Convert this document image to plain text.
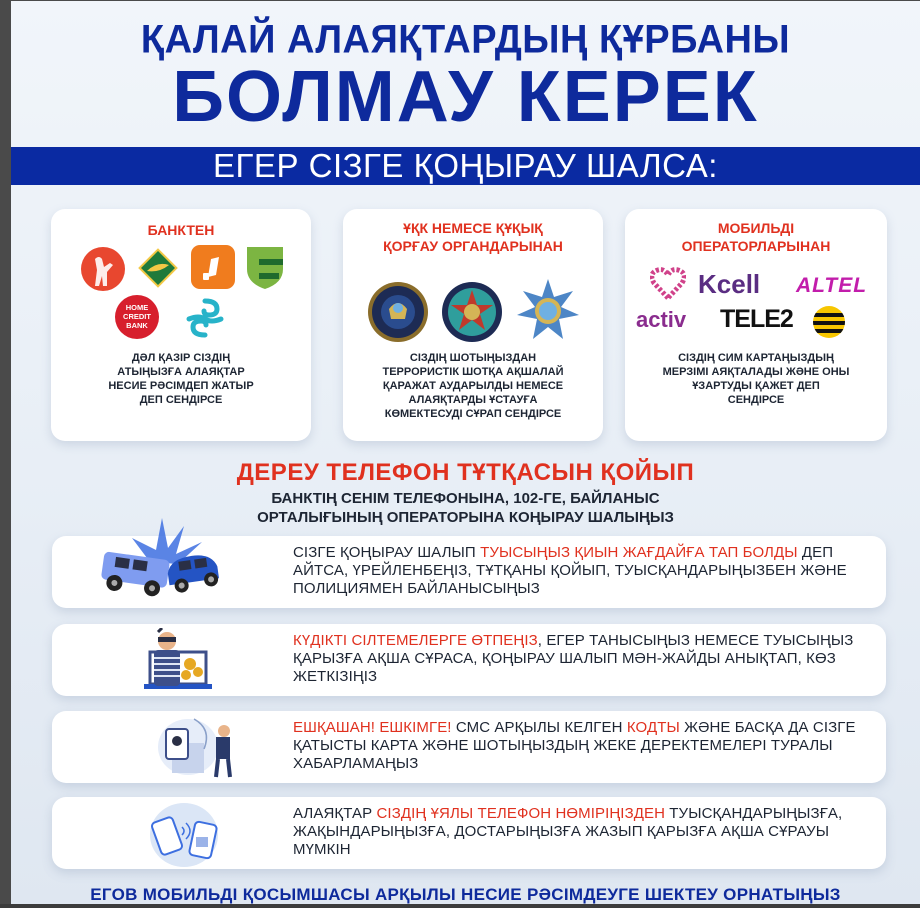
ҚАЛАЙ АЛАЯҚТАРДЫҢ ҚҰРБАНЫ
БОЛМАУ КЕРЕК
ЕГЕР СІЗГЕ ҚОҢЫРАУ ШАЛСА:
БАНКТЕН
HOME
CREDIT
BANK
ДӘЛ ҚАЗІР СІЗДІҢ
АТЫҢЫЗҒА АЛАЯҚТАР
НЕСИЕ РӘСІМДЕП ЖАТЫР
ДЕП СЕНДІРСЕ
ҰҚК НЕМЕСЕ ҚҰҚЫҚ
ҚОРҒАУ ОРГАНДАРЫНАН
СІЗДІҢ ШОТЫҢЫЗДАН
ТЕРРОРИСТІК ШОТҚА АҚШАЛАЙ
ҚАРАЖАТ АУДАРЫЛДЫ НЕМЕСЕ
АЛАЯҚТАРДЫ ҰСТАУҒА
КӨМЕКТЕСУДІ СҰРАП СЕНДІРСЕ
МОБИЛЬДІ
ОПЕРАТОРЛАРЫНАН
Kcell ALTEL
activ TELE2
СІЗДІҢ СИМ КАРТАҢЫЗДЫҢ
МЕРЗІМІ АЯҚТАЛАДЫ ЖӘНЕ ОНЫ
ҰЗАРТУДЫ ҚАЖЕТ ДЕП
СЕНДІРСЕ
ДЕРЕУ ТЕЛЕФОН ТҰТҚАСЫН ҚОЙЫП
БАНКТІҢ СЕНІМ ТЕЛЕФОНЫНА, 102-ГЕ, БАЙЛАНЫС
ОРТАЛЫҒЫНЫҢ ОПЕРАТОРЫНА КОҢЫРАУ ШАЛЫҢЫЗ
СІЗГЕ ҚОҢЫРАУ ШАЛЫП ТУЫСЫҢЫЗ ҚИЫН ЖАҒДАЙҒА ТАП БОЛДЫ ДЕП АЙТСА, ҮРЕЙЛЕНБЕҢІЗ, ТҰТҚАНЫ ҚОЙЫП, ТУЫСҚАНДАРЫҢЫЗБЕН ЖӘНЕ ПОЛИЦИЯМЕН БАЙЛАНЫСЫҢЫЗ
КҮДІКТІ СІЛТЕМЕЛЕРГЕ ӨТПЕҢІЗ, ЕГЕР ТАНЫСЫҢЫЗ НЕМЕСЕ ТУЫСЫҢЫЗ ҚАРЫЗҒА АҚША СҰРАСА, ҚОҢЫРАУ ШАЛЫП МӘН-ЖАЙДЫ АНЫҚТАП, КӨЗ ЖЕТКІЗІҢІЗ
ЕШҚАШАН! ЕШКІМГЕ! СМС АРҚЫЛЫ КЕЛГЕН КОДТЫ ЖӘНЕ БАСҚА ДА СІЗГЕ ҚАТЫСТЫ КАРТА ЖӘНЕ ШОТЫҢЫЗДЫҢ ЖЕКЕ ДЕРЕКТЕМЕЛЕРІ ТУРАЛЫ ХАБАРЛАМАҢЫЗ
АЛАЯҚТАР СІЗДІҢ ҰЯЛЫ ТЕЛЕФОН НӨМІРІҢІЗДЕН ТУЫСҚАНДАРЫҢЫЗҒА, ЖАҚЫНДАРЫҢЫЗҒА, ДОСТАРЫҢЫЗҒА ЖАЗЫП ҚАРЫЗҒА АҚША СҰРАУЫ МҮМКІН
ЕГОВ МОБИЛЬДІ ҚОСЫМШАСЫ АРҚЫЛЫ НЕСИЕ РӘСІМДЕУГЕ ШЕКТЕУ ОРНАТЫҢЫЗ
